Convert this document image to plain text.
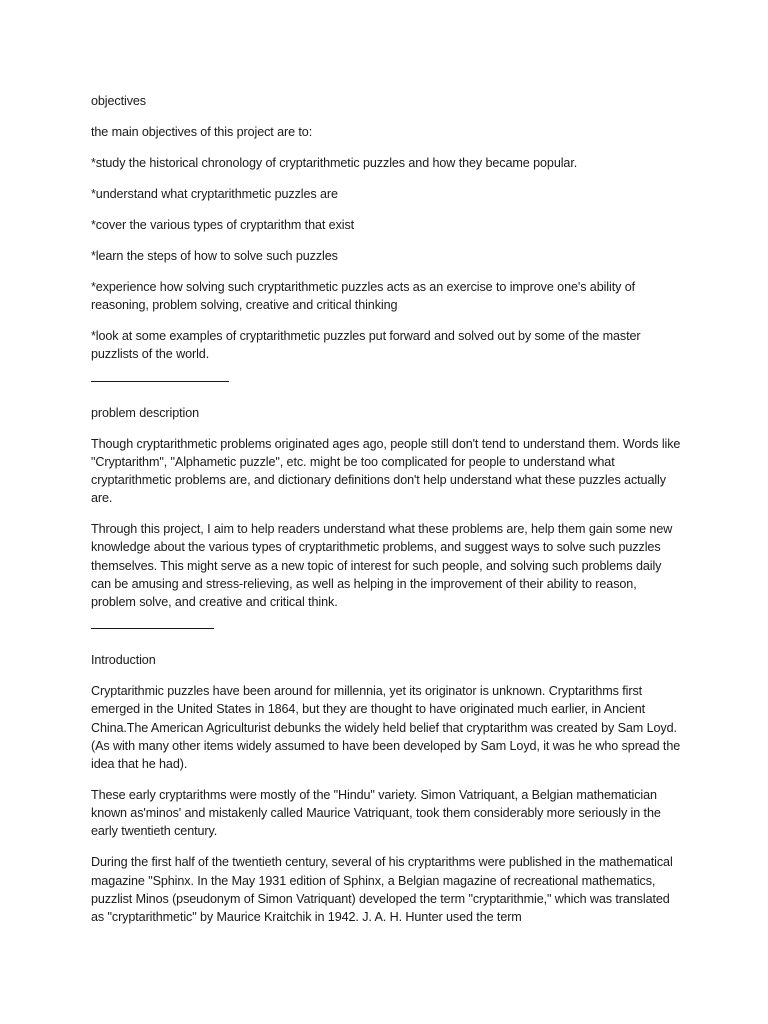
objectives

the main objectives of this project are to:

*study the historical chronology of cryptarithmetic puzzles and how they became popular.

*understand what cryptarithmetic puzzles are

*cover the various types of cryptarithm that exist

*learn the steps of how to solve such puzzles

*experience how solving such cryptarithmetic puzzles acts as an exercise to improve one's ability of reasoning, problem solving, creative and critical thinking

*look at some examples of cryptarithmetic puzzles put forward and solved out by some of the master puzzlists of the world.

problem description

Though cryptarithmetic problems originated ages ago, people still don't tend to understand them. Words like "Cryptarithm", "Alphametic puzzle", etc. might be too complicated for people to understand what cryptarithmetic problems are, and dictionary definitions don't help understand what these puzzles actually are.

Through this project, I aim to help readers understand what these problems are, help them gain some new knowledge about the various types of cryptarithmetic problems, and suggest ways to solve such puzzles themselves. This might serve as a new topic of interest for such people, and solving such problems daily can be amusing and stress-relieving, as well as helping in the improvement of their ability to reason, problem solve, and creative and critical think.

Introduction

Cryptarithmic puzzles have been around for millennia, yet its originator is unknown. Cryptarithms first emerged in the United States in 1864, but they are thought to have originated much earlier, in Ancient China.The American Agriculturist debunks the widely held belief that cryptarithm was created by Sam Loyd. (As with many other items widely assumed to have been developed by Sam Loyd, it was he who spread the idea that he had).

These early cryptarithms were mostly of the "Hindu" variety. Simon Vatriquant, a Belgian mathematician known as'minos' and mistakenly called Maurice Vatriquant, took them considerably more seriously in the early twentieth century.

During the first half of the twentieth century, several of his cryptarithms were published in the mathematical magazine "Sphinx. In the May 1931 edition of Sphinx, a Belgian magazine of recreational mathematics, puzzlist Minos (pseudonym of Simon Vatriquant) developed the term "cryptarithmie," which was translated as "cryptarithmetic" by Maurice Kraitchik in 1942. J. A. H. Hunter used the term
